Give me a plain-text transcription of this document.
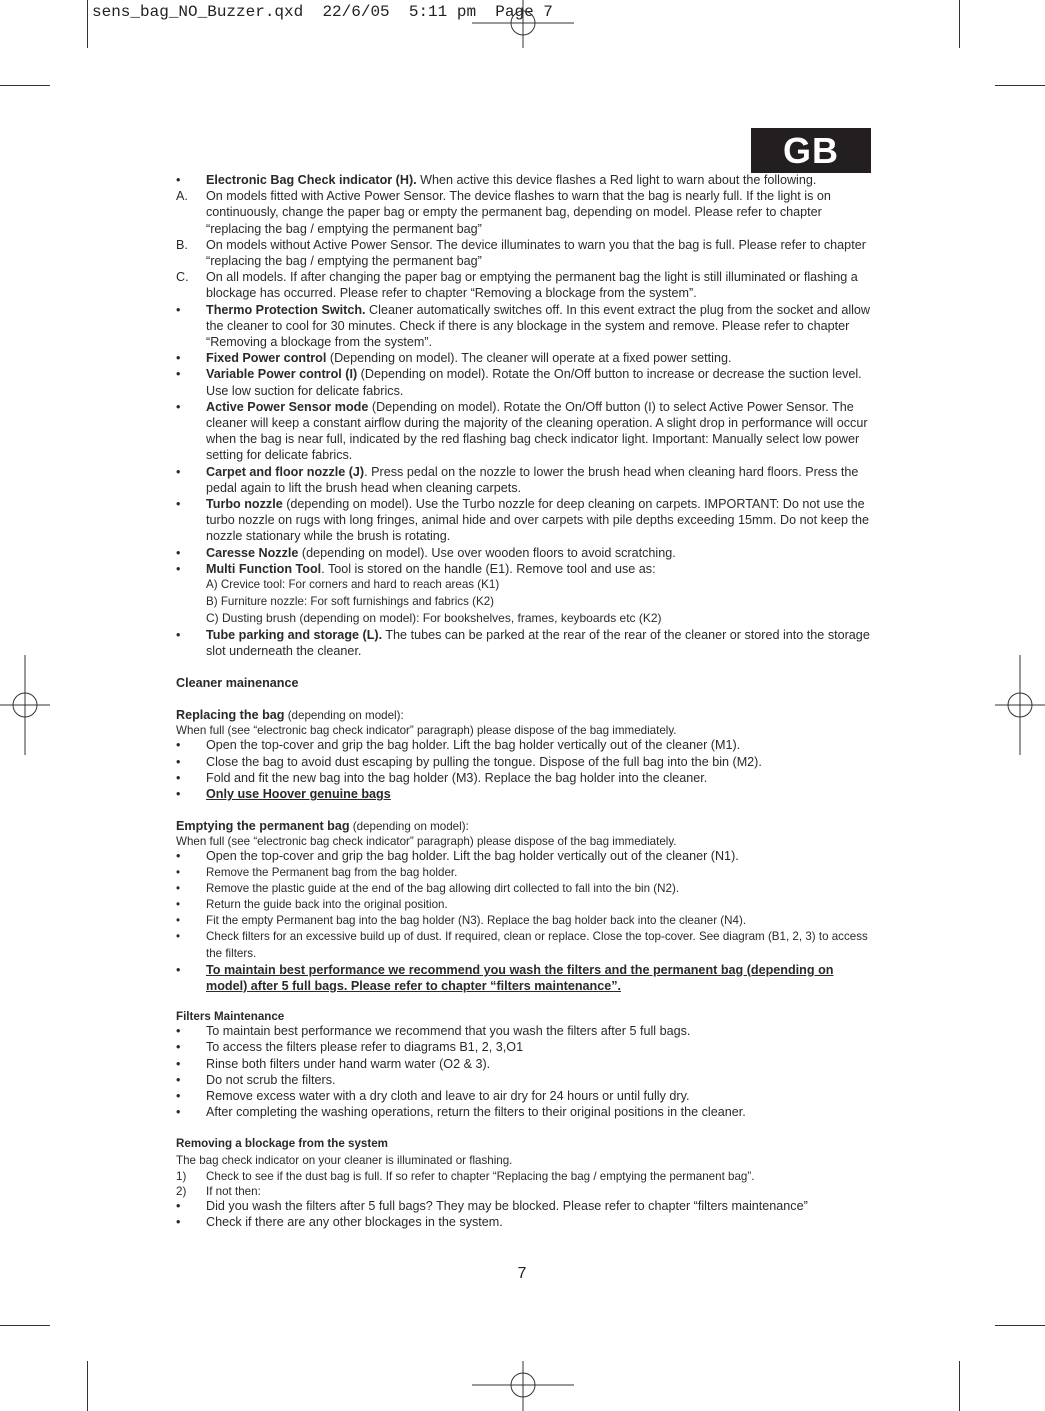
sens_bag_NO_Buzzer.qxd  22/6/05  5:11 pm  Page 7
GB
•	Electronic Bag Check indicator (H). When active this device flashes a Red light to warn about the following.
A.	On models fitted with Active Power Sensor. The device flashes to warn that the bag is nearly full. If the light is on continuously, change the paper bag or empty the permanent bag, depending on model. Please refer to chapter “replacing the bag / emptying the permanent bag”
B.	On models without Active Power Sensor. The device illuminates to warn you that the bag is full. Please refer to chapter “replacing the bag / emptying the permanent bag”
C.	On all models. If after changing the paper bag or emptying the permanent bag the light is still illuminated or flashing a blockage has occurred. Please refer to chapter “Removing a blockage from the system”.
•	Thermo Protection Switch. Cleaner automatically switches off. In this event extract the plug from the socket and allow the cleaner to cool for 30 minutes. Check if there is any blockage in the system and remove. Please refer to chapter “Removing a blockage from the system”.
•	Fixed Power control (Depending on model). The cleaner will operate at a fixed power setting.
•	Variable Power control (I) (Depending on model). Rotate the On/Off button to increase or decrease the suction level. Use low suction for delicate fabrics.
•	Active Power Sensor mode (Depending on model). Rotate the On/Off button (I) to select Active Power Sensor. The cleaner will keep a constant airflow during the majority of the cleaning operation. A slight drop in performance will occur when the bag is near full, indicated by the red flashing bag check indicator light. Important: Manually select low power setting for delicate fabrics.
•	Carpet and floor nozzle (J). Press pedal on the nozzle to lower the brush head when cleaning hard floors. Press the pedal again to lift the brush head when cleaning carpets.
•	Turbo nozzle (depending on model). Use the Turbo nozzle for deep cleaning on carpets. IMPORTANT: Do not use the turbo nozzle on rugs with long fringes, animal hide and over carpets with pile depths exceeding 15mm. Do not keep the nozzle stationary while the brush is rotating.
•	Caresse Nozzle (depending on model). Use over wooden floors to avoid scratching.
•	Multi Function Tool. Tool is stored on the handle (E1). Remove tool and use as:
A) Crevice tool: For corners and hard to reach areas (K1)
B) Furniture nozzle: For soft furnishings and fabrics (K2)
C) Dusting brush (depending on model): For bookshelves, frames, keyboards etc (K2)
•	Tube parking and storage (L). The tubes can be parked at the rear of the rear of the cleaner or stored into the storage slot underneath the cleaner.
Cleaner mainenance
Replacing the bag (depending on model):
When full (see “electronic bag check indicator” paragraph) please dispose of the bag immediately.
•	Open the top-cover and grip the bag holder. Lift the bag holder vertically out of the cleaner (M1).
•	Close the bag to avoid dust escaping by pulling the tongue. Dispose of the full bag into the bin (M2).
•	Fold and fit the new bag into the bag holder (M3). Replace the bag holder into the cleaner.
•	Only use Hoover genuine bags
Emptying the permanent bag (depending on model):
When full (see “electronic bag check indicator” paragraph) please dispose of the bag immediately.
•	Open the top-cover and grip the bag holder. Lift the bag holder vertically out of the cleaner (N1).
•	Remove the Permanent bag from the bag holder.
•	Remove the plastic guide at the end of the bag allowing dirt collected to fall into the bin (N2).
•	Return the guide back into the original position.
•	Fit the empty Permanent bag into the bag holder (N3). Replace the bag holder back into the cleaner (N4).
•	Check filters for an excessive build up of dust. If required, clean or replace. Close the top-cover. See diagram (B1, 2, 3) to access the filters.
•	To maintain best performance we recommend you wash the filters and the permanent bag (depending on model) after 5 full bags. Please refer to chapter “filters maintenance”.
Filters Maintenance
•	To maintain best performance we recommend that you wash the filters after 5 full bags.
•	To access the filters please refer to diagrams B1, 2, 3,O1
•	Rinse both filters under hand warm water (O2 & 3).
•	Do not scrub the filters.
•	Remove excess water with a dry cloth and leave to air dry for 24 hours or until fully dry.
•	After completing the washing operations, return the filters to their original positions in the cleaner.
Removing a blockage from the system
The bag check indicator on your cleaner is illuminated or flashing.
1)	Check to see if the dust bag is full. If so refer to chapter “Replacing the bag / emptying the permanent bag”.
2)	If not then:
•	Did you wash the filters after 5 full bags? They may be blocked. Please refer to chapter “filters maintenance”
•	Check if there are any other blockages in the system.
7
